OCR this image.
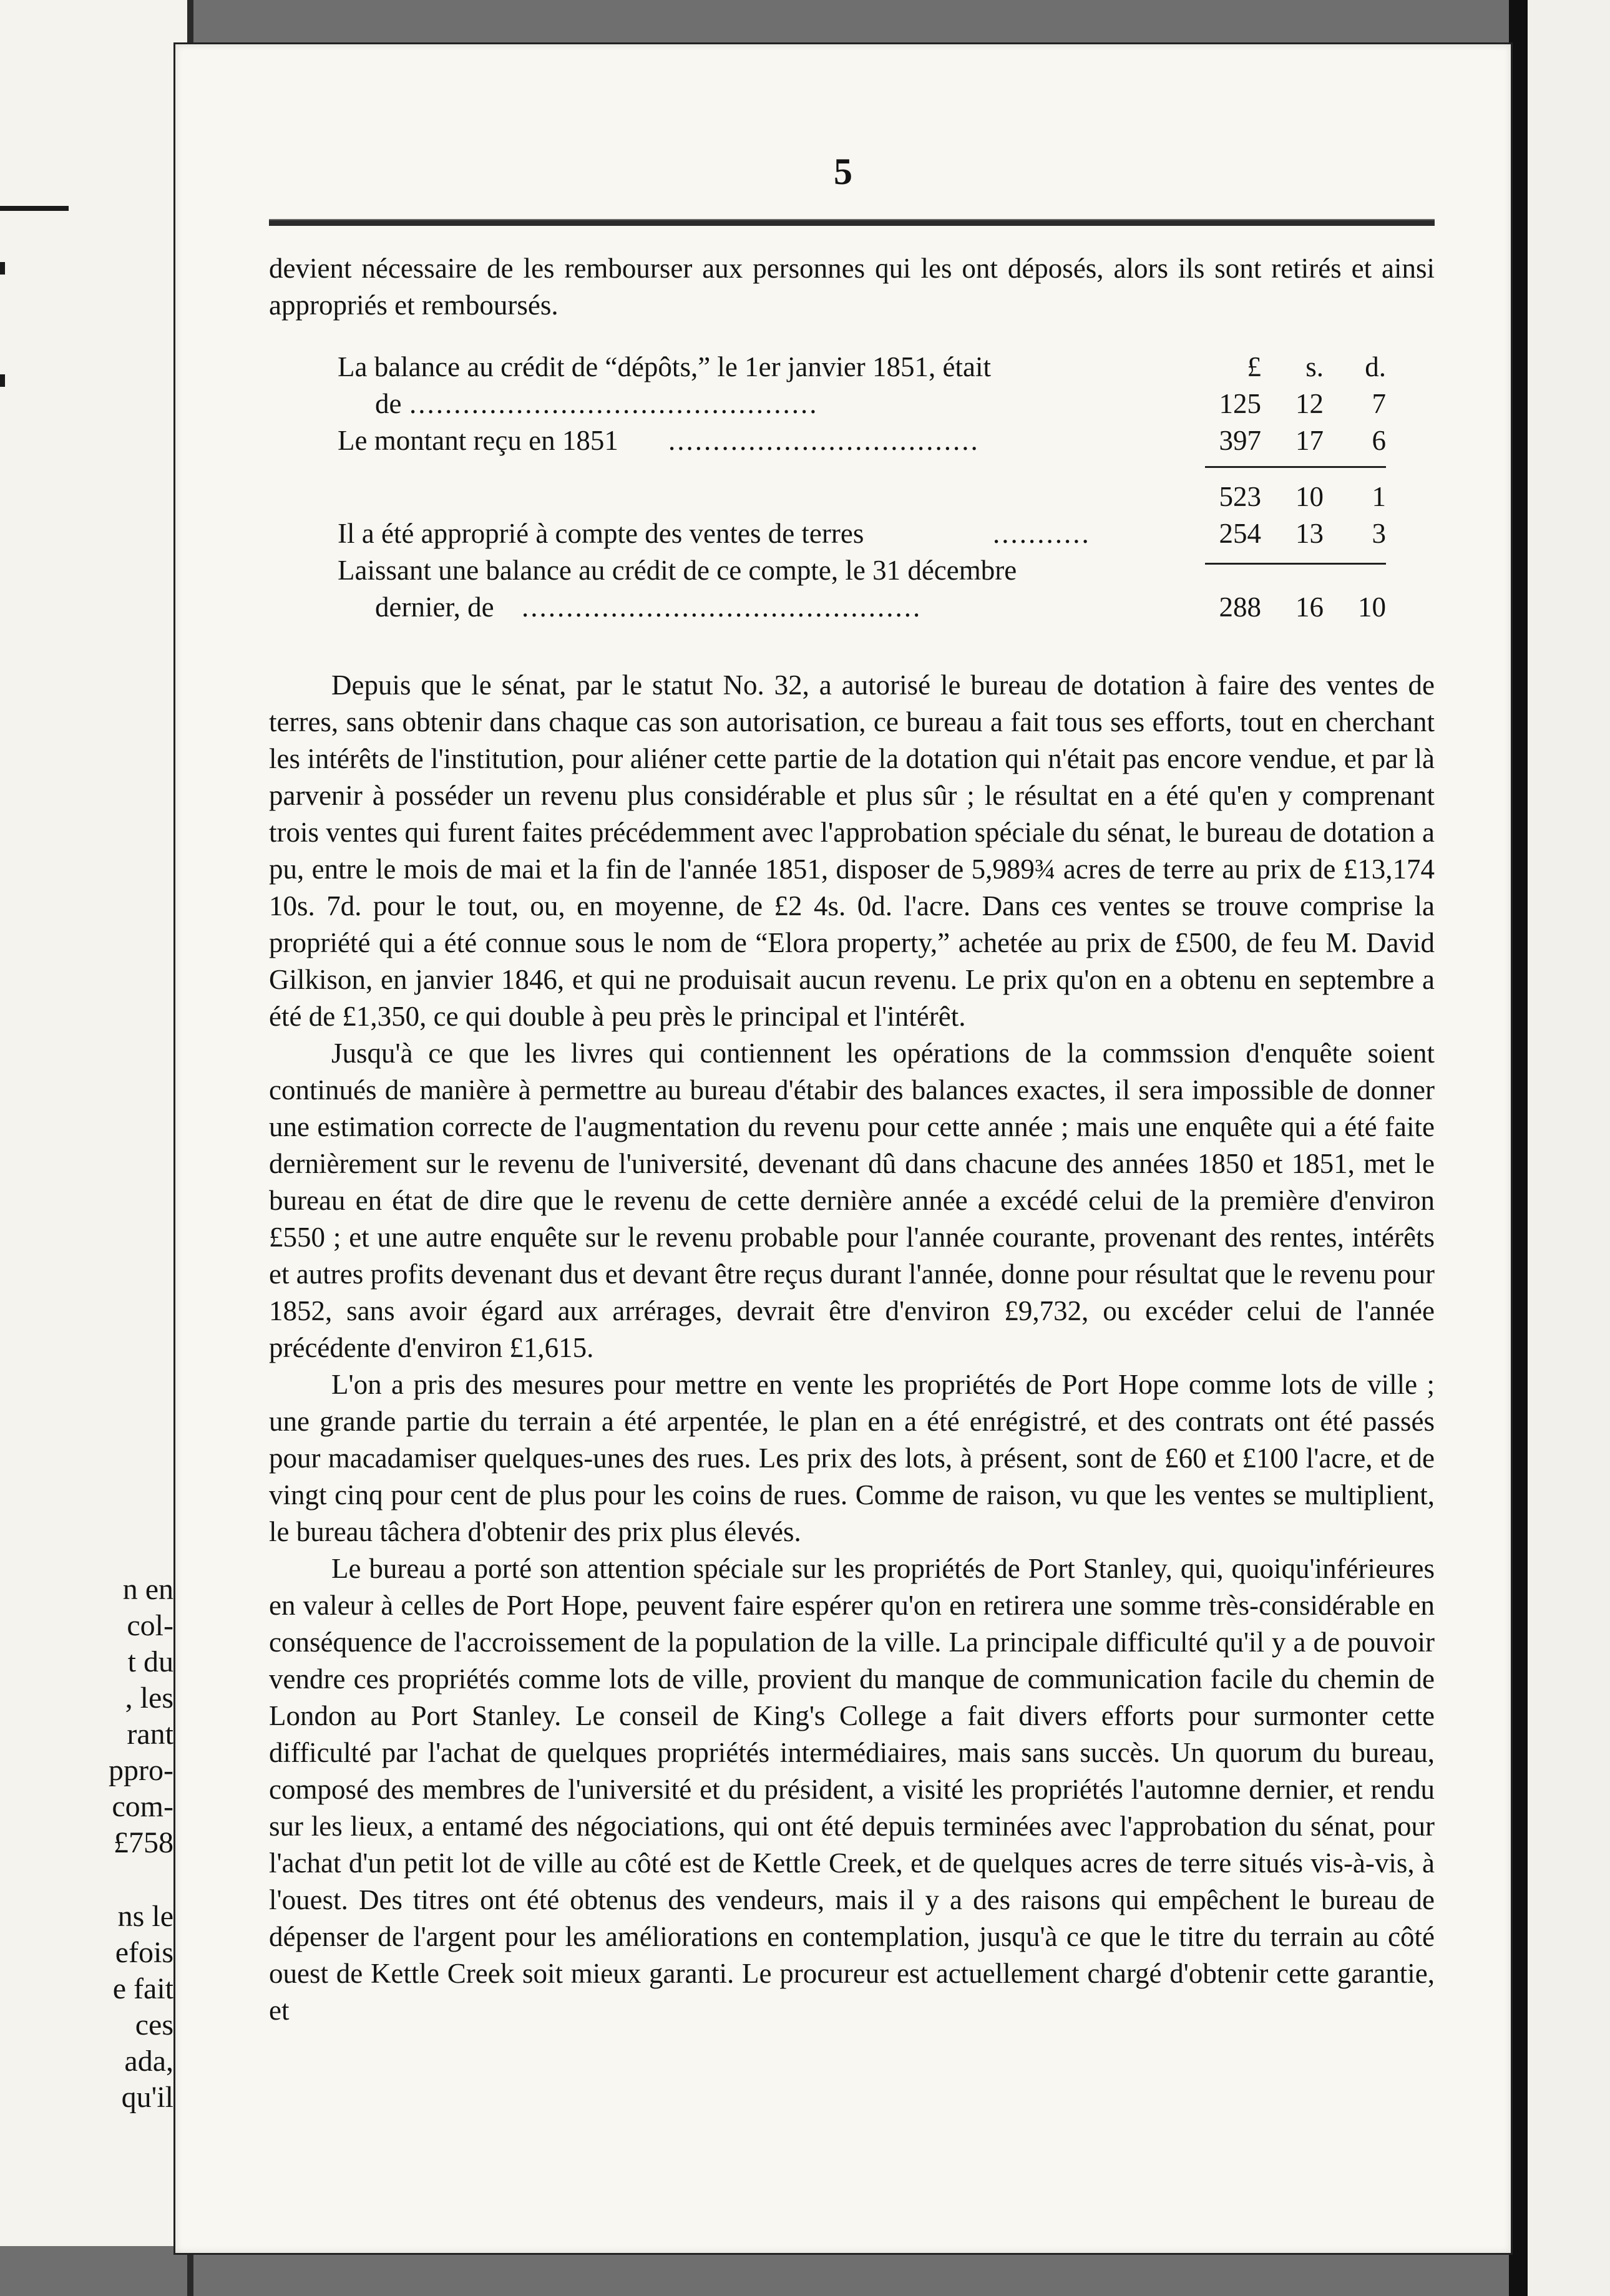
n en
col-
t du
, les
rant
ppro-
com-
£758
ns le
efois
e fait
ces
ada,
qu'il
5

devient nécessaire de les rembourser aux personnes qui les ont déposés, alors ils sont retirés et ainsi appropriés et remboursés.

£	s.	d.
La balance au crédit de “dépôts,” le 1er janvier 1851, était
de ..............................................	125	12	7
Le montant reçu en 1851 ...................................	397	17	6
523	10	1
Il a été approprié à compte des ventes de terres	...........	254	13	3
Laissant une balance au crédit de ce compte, le 31 décembre
dernier, de .............................................	288	16	10

Depuis que le sénat, par le statut No. 32, a autorisé le bureau de dotation à faire des ventes de terres, sans obtenir dans chaque cas son autorisation, ce bureau a fait tous ses efforts, tout en cherchant les intérêts de l'institution, pour aliéner cette partie de la dotation qui n'était pas encore vendue, et par là parvenir à posséder un revenu plus considérable et plus sûr ; le résultat en a été qu'en y comprenant trois ventes qui furent faites précédemment avec l'approbation spéciale du sénat, le bureau de dotation a pu, entre le mois de mai et la fin de l'année 1851, disposer de 5,989¾ acres de terre au prix de £13,174 10s. 7d. pour le tout, ou, en moyenne, de £2 4s. 0d. l'acre. Dans ces ventes se trouve comprise la propriété qui a été connue sous le nom de “Elora property,” achetée au prix de £500, de feu M. David Gilkison, en janvier 1846, et qui ne produisait aucun revenu. Le prix qu'on en a obtenu en septembre a été de £1,350, ce qui double à peu près le principal et l'intérêt.

Jusqu'à ce que les livres qui contiennent les opérations de la commssion d'enquête soient continués de manière à permettre au bureau d'étabir des balances exactes, il sera impossible de donner une estimation correcte de l'augmentation du revenu pour cette année ; mais une enquête qui a été faite dernièrement sur le revenu de l'université, devenant dû dans chacune des années 1850 et 1851, met le bureau en état de dire que le revenu de cette dernière année a excédé celui de la première d'environ £550 ; et une autre enquête sur le revenu probable pour l'année courante, provenant des rentes, intérêts et autres profits devenant dus et devant être reçus durant l'année, donne pour résultat que le revenu pour 1852, sans avoir égard aux arrérages, devrait être d'environ £9,732, ou excéder celui de l'année précédente d'environ £1,615.

L'on a pris des mesures pour mettre en vente les propriétés de Port Hope comme lots de ville ; une grande partie du terrain a été arpentée, le plan en a été enrégistré, et des contrats ont été passés pour macadamiser quelques-unes des rues. Les prix des lots, à présent, sont de £60 et £100 l'acre, et de vingt cinq pour cent de plus pour les coins de rues. Comme de raison, vu que les ventes se multiplient, le bureau tâchera d'obtenir des prix plus élevés.

Le bureau a porté son attention spéciale sur les propriétés de Port Stanley, qui, quoiqu'inférieures en valeur à celles de Port Hope, peuvent faire espérer qu'on en retirera une somme très-considérable en conséquence de l'accroissement de la population de la ville. La principale difficulté qu'il y a de pouvoir vendre ces propriétés comme lots de ville, provient du manque de communication facile du chemin de London au Port Stanley. Le conseil de King's College a fait divers efforts pour surmonter cette difficulté par l'achat de quelques propriétés intermédiaires, mais sans succès. Un quorum du bureau, composé des membres de l'université et du président, a visité les propriétés l'automne dernier, et rendu sur les lieux, a entamé des négociations, qui ont été depuis terminées avec l'approbation du sénat, pour l'achat d'un petit lot de ville au côté est de Kettle Creek, et de quelques acres de terre situés vis-à-vis, à l'ouest. Des titres ont été obtenus des vendeurs, mais il y a des raisons qui empêchent le bureau de dépenser de l'argent pour les améliorations en contemplation, jusqu'à ce que le titre du terrain au côté ouest de Kettle Creek soit mieux garanti. Le procureur est actuellement chargé d'obtenir cette garantie, et
